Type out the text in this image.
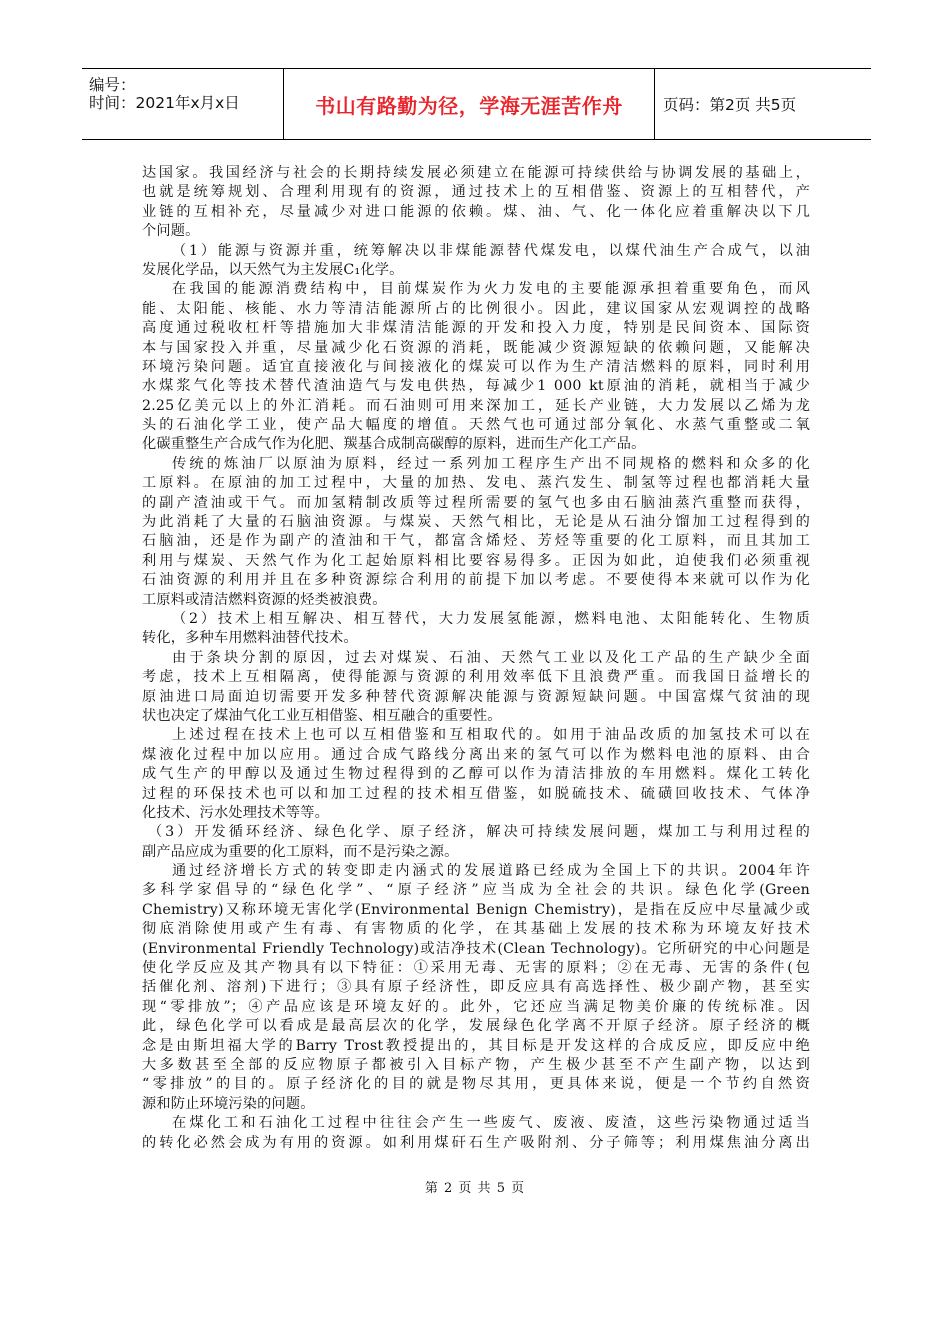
编号：
时间：2021年x月x日	书山有路勤为径，学海无涯苦作舟	页码：第2页 共5页
达国家。我国经济与社会的长期持续发展必须建立在能源可持续供给与协调发展的基础上，
也就是统筹规划、合理利用现有的资源，通过技术上的互相借鉴、资源上的互相替代，产
业链的互相补充，尽量减少对进口能源的依赖。煤、油、气、化一体化应着重解决以下几
个问题。
（1）能源与资源并重，统筹解决以非煤能源替代煤发电，以煤代油生产合成气，以油
发展化学品，以天然气为主发展C₁化学。
在我国的能源消费结构中，目前煤炭作为火力发电的主要能源承担着重要角色，而风
能、太阳能、核能、水力等清洁能源所占的比例很小。因此，建议国家从宏观调控的战略
高度通过税收杠杆等措施加大非煤清洁能源的开发和投入力度，特别是民间资本、国际资
本与国家投入并重，尽量减少化石资源的消耗，既能减少资源短缺的依赖问题，又能解决
环境污染问题。适宜直接液化与间接液化的煤炭可以作为生产清洁燃料的原料，同时利用
水煤浆气化等技术替代渣油造气与发电供热，每减少1 000 kt原油的消耗，就相当于减少
2.25亿美元以上的外汇消耗。而石油则可用来深加工，延长产业链，大力发展以乙烯为龙
头的石油化学工业，使产品大幅度的增值。天然气也可通过部分氧化、水蒸气重整或二氧
化碳重整生产合成气作为化肥、羰基合成制高碳醇的原料，进而生产化工产品。
传统的炼油厂以原油为原料，经过一系列加工程序生产出不同规格的燃料和众多的化
工原料。在原油的加工过程中，大量的加热、发电、蒸汽发生、制氢等过程也都消耗大量
的副产渣油或干气。而加氢精制改质等过程所需要的氢气也多由石脑油蒸汽重整而获得，
为此消耗了大量的石脑油资源。与煤炭、天然气相比，无论是从石油分馏加工过程得到的
石脑油，还是作为副产的渣油和干气，都富含烯烃、芳烃等重要的化工原料，而且其加工
利用与煤炭、天然气作为化工起始原料相比要容易得多。正因为如此，迫使我们必须重视
石油资源的利用并且在多种资源综合利用的前提下加以考虑。不要使得本来就可以作为化
工原料或清洁燃料资源的烃类被浪费。
（2）技术上相互解决、相互替代，大力发展氢能源，燃料电池、太阳能转化、生物质
转化，多种车用燃料油替代技术。
由于条块分割的原因，过去对煤炭、石油、天然气工业以及化工产品的生产缺少全面
考虑，技术上互相隔离，使得能源与资源的利用效率低下且浪费严重。而我国日益增长的
原油进口局面迫切需要开发多种替代资源解决能源与资源短缺问题。中国富煤气贫油的现
状也决定了煤油气化工业互相借鉴、相互融合的重要性。
上述过程在技术上也可以互相借鉴和互相取代的。如用于油品改质的加氢技术可以在
煤液化过程中加以应用。通过合成气路线分离出来的氢气可以作为燃料电池的原料、由合
成气生产的甲醇以及通过生物过程得到的乙醇可以作为清洁排放的车用燃料。煤化工转化
过程的环保技术也可以和加工过程的技术相互借鉴，如脱硫技术、硫磺回收技术、气体净
化技术、污水处理技术等等。
（3）开发循环经济、绿色化学、原子经济，解决可持续发展问题，煤加工与利用过程的
副产品应成为重要的化工原料，而不是污染之源。
通过经济增长方式的转变即走内涵式的发展道路已经成为全国上下的共识。2004年许
多科学家倡导的“绿色化学”、“原子经济”应当成为全社会的共识。绿色化学(Green
Chemistry)又称环境无害化学(Environmental Benign Chemistry)，是指在反应中尽量减少或
彻底消除使用或产生有毒、有害物质的化学，在其基础上发展的技术称为环境友好技术
(Environmental Friendly Technology)或洁净技术(Clean Technology)。它所研究的中心问题是
使化学反应及其产物具有以下特征：①采用无毒、无害的原料；②在无毒、无害的条件(包
括催化剂、溶剂)下进行；③具有原子经济性，即反应具有高选择性、极少副产物，甚至实
现“零排放”；④产品应该是环境友好的。此外，它还应当满足物美价廉的传统标准。因
此，绿色化学可以看成是最高层次的化学，发展绿色化学离不开原子经济。原子经济的概
念是由斯坦福大学的Barry Trost教授提出的，其目标是开发这样的合成反应，即反应中绝
大多数甚至全部的反应物原子都被引入目标产物，产生极少甚至不产生副产物，以达到
“零排放”的目的。原子经济化的目的就是物尽其用，更具体来说，便是一个节约自然资
源和防止环境污染的问题。
在煤化工和石油化工过程中往往会产生一些废气、废液、废渣，这些污染物通过适当
的转化必然会成为有用的资源。如利用煤矸石生产吸附剂、分子筛等；利用煤焦油分离出
第 2 页 共 5 页
